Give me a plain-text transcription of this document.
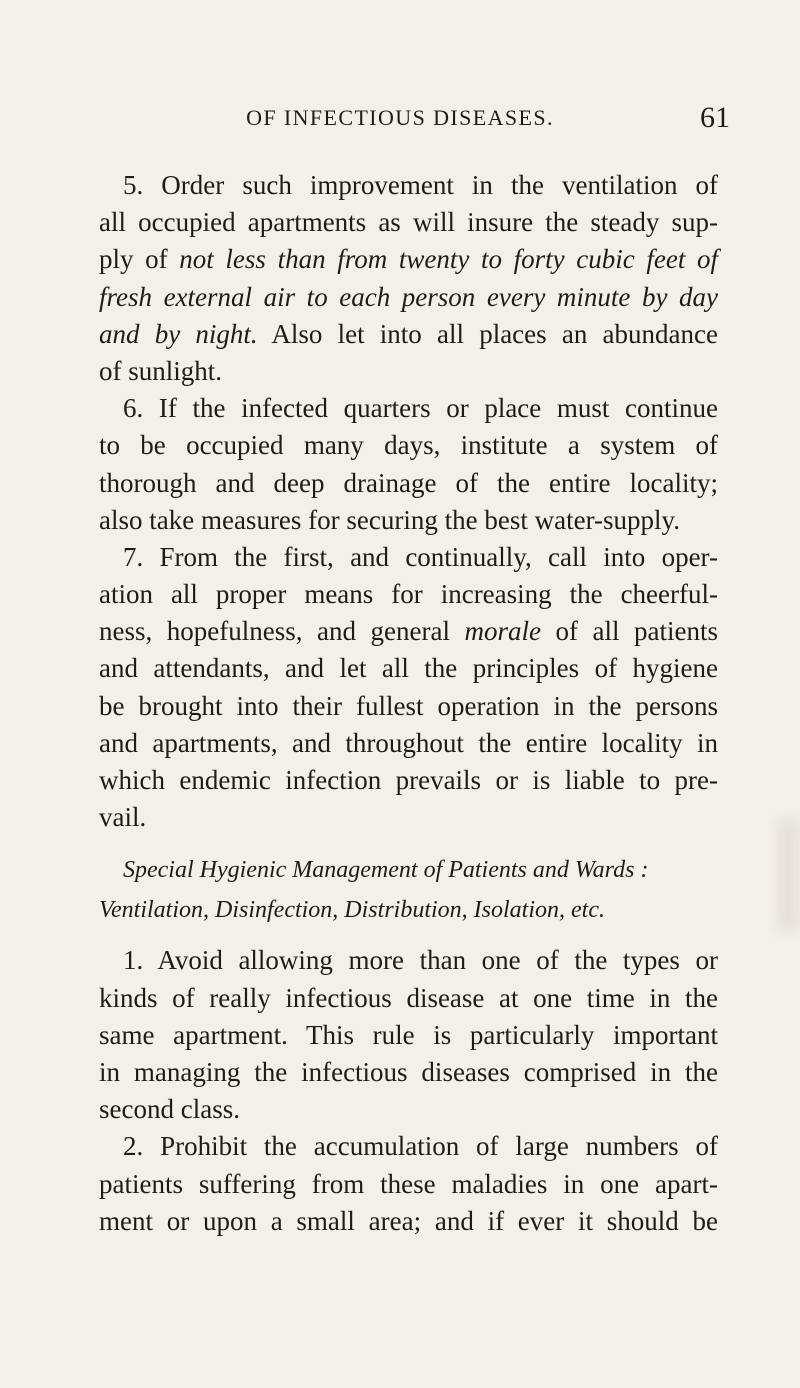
OF INFECTIOUS DISEASES.	61
5. Order such improvement in the ventilation of
all occupied apartments as will insure the steady sup-
ply of not less than from twenty to forty cubic feet of
fresh external air to each person every minute by day
and by night. Also let into all places an abundance
of sunlight.
6. If the infected quarters or place must continue
to be occupied many days, institute a system of
thorough and deep drainage of the entire locality;
also take measures for securing the best water-supply.
7. From the first, and continually, call into oper-
ation all proper means for increasing the cheerful-
ness, hopefulness, and general morale of all patients
and attendants, and let all the principles of hygiene
be brought into their fullest operation in the persons
and apartments, and throughout the entire locality in
which endemic infection prevails or is liable to pre-
vail.
Special Hygienic Management of Patients and Wards :
Ventilation, Disinfection, Distribution, Isolation, etc.
1. Avoid allowing more than one of the types or
kinds of really infectious disease at one time in the
same apartment. This rule is particularly important
in managing the infectious diseases comprised in the
second class.
2. Prohibit the accumulation of large numbers of
patients suffering from these maladies in one apart-
ment or upon a small area; and if ever it should be
